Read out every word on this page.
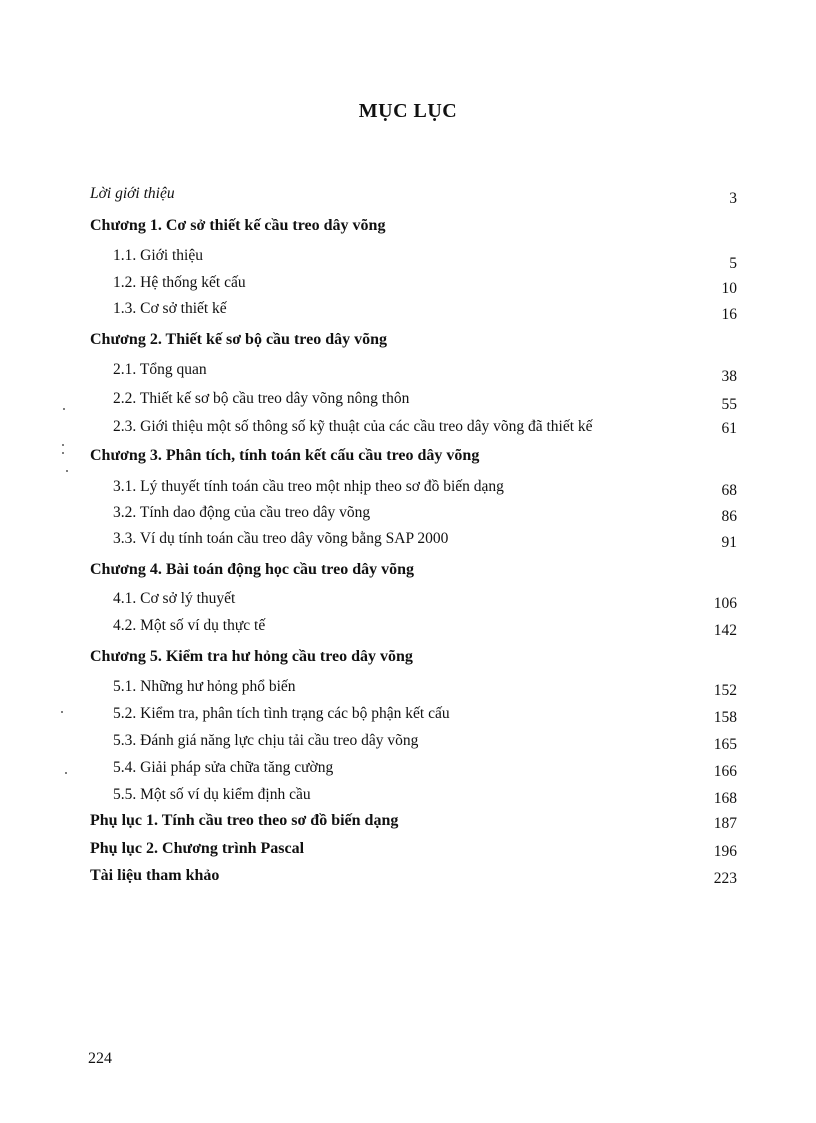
MỤC LỤC
Lời giới thiệu	3
Chương 1. Cơ sở thiết kế cầu treo dây võng
1.1. Giới thiệu	5
1.2. Hệ thống kết cấu	10
1.3. Cơ sở thiết kế	16
Chương 2. Thiết kế sơ bộ cầu treo dây võng
2.1. Tổng quan	38
2.2. Thiết kế sơ bộ cầu treo dây võng nông thôn	55
2.3. Giới thiệu một số thông số kỹ thuật của các cầu treo dây võng đã thiết kế	61
Chương 3. Phân tích, tính toán kết cấu cầu treo dây võng
3.1. Lý thuyết tính toán cầu treo một nhịp theo sơ đồ biến dạng	68
3.2. Tính dao động của cầu treo dây võng	86
3.3. Ví dụ tính toán cầu treo dây võng bằng SAP 2000	91
Chương 4. Bài toán động học cầu treo dây võng
4.1. Cơ sở lý thuyết	106
4.2. Một số ví dụ thực tế	142
Chương 5. Kiểm tra hư hỏng cầu treo dây võng
5.1. Những hư hỏng phổ biến	152
5.2. Kiểm tra, phân tích tình trạng các bộ phận kết cấu	158
5.3. Đánh giá năng lực chịu tải cầu treo dây võng	165
5.4. Giải pháp sửa chữa tăng cường	166
5.5. Một số ví dụ kiểm định cầu	168
Phụ lục 1. Tính cầu treo theo sơ đồ biến dạng	187
Phụ lục 2. Chương trình Pascal	196
Tài liệu tham khảo	223
224
